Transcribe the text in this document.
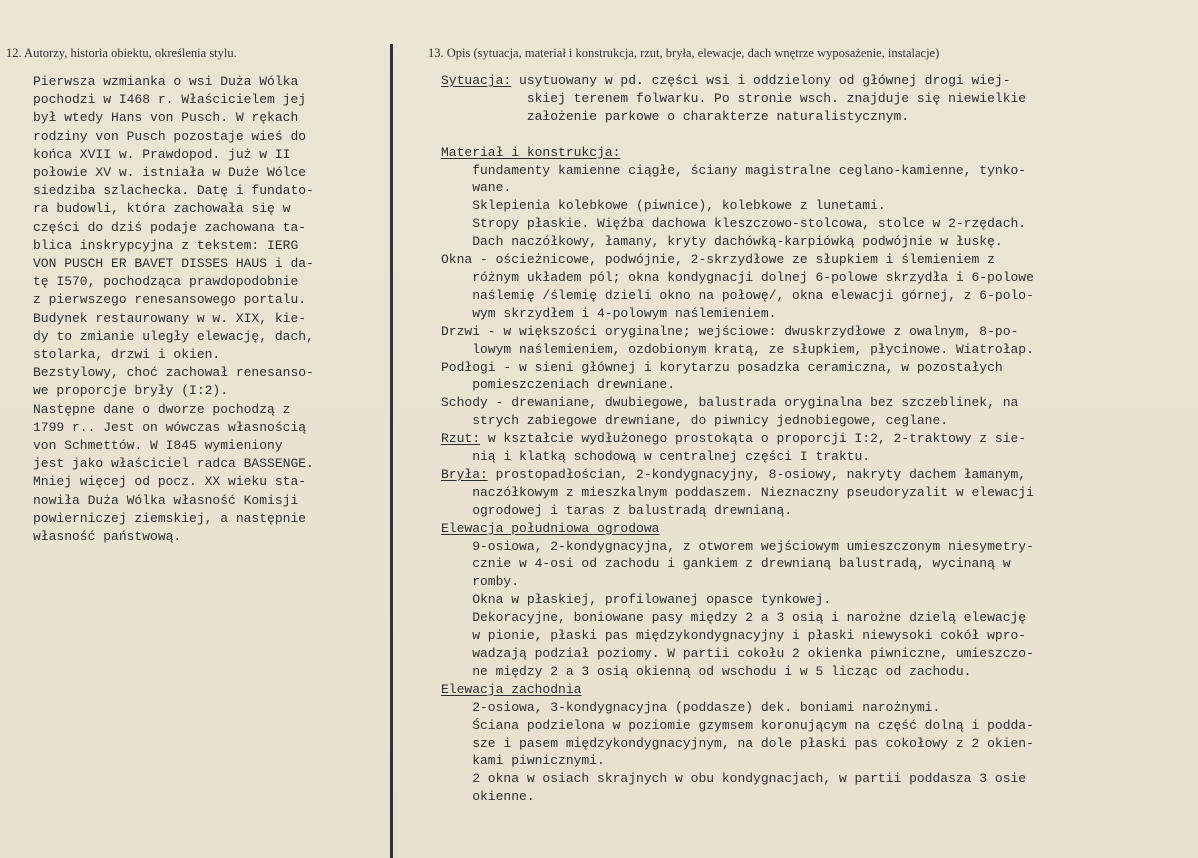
12. Autorzy, historia obiektu, określenia stylu.	13. Opis (sytuacja, materiał i konstrukcja, rzut, bryła, elewacje, dach wnętrze wyposażenie, instalacje)
Pierwsza wzmianka o wsi Duża Wólka
pochodzi w I468 r. Właścicielem jej
był wtedy Hans von Pusch. W rękach
rodziny von Pusch pozostaje wieś do
końca XVII w. Prawdopod. już w II
połowie XV w. istniała w Duże Wólce
siedziba szlachecka. Datę i fundato-
ra budowli, która zachowała się w
części do dziś podaje zachowana ta-
blica inskrypcyjna z tekstem: IERG
VON PUSCH ER BAVET DISSES HAUS i da-
tę I570, pochodząca prawdopodobnie
z pierwszego renesansowego portalu.
Budynek restaurowany w w. XIX, kie-
dy to zmianie uległy elewację, dach,
stolarka, drzwi i okien.
Bezstylowy, choć zachował renesanso-
we proporcje bryły (I:2).
Następne dane o dworze pochodzą z
1799 r.. Jest on wówczas własnością
von Schmettów. W I845 wymieniony
jest jako właściciel radca BASSENGE.
Mniej więcej od pocz. XX wieku sta-
nowiła Duża Wólka własność Komisji
powierniczej ziemskiej, a następnie
własność państwową.
Sytuacja: usytuowany w pd. części wsi i oddzielony od głównej drogi wiej-
skiej terenem folwarku. Po stronie wsch. znajduje się niewielkie
założenie parkowe o charakterze naturalistycznym.

Materiał i konstrukcja:
fundamenty kamienne ciągłe, ściany magistralne ceglano-kamienne, tynko-
wane.
Sklepienia kolebkowe (piwnice), kolebkowe z lunetami.
Stropy płaskie. Więźba dachowa kleszczowo-stolcowa, stolce w 2-rzędach.
Dach naczółkowy, łamany, kryty dachówką-karpiówką podwójnie w łuskę.
Okna - ościeżnicowe, podwójnie, 2-skrzydłowe ze słupkiem i ślemieniem z
różnym układem pól; okna kondygnacji dolnej 6-polowe skrzydła i 6-polowe
naślemię /ślemię dzieli okno na połowę/, okna elewacji górnej, z 6-polo-
wym skrzydłem i 4-polowym naślemieniem.
Drzwi - w większości oryginalne; wejściowe: dwuskrzydłowe z owalnym, 8-po-
lowym naślemieniem, ozdobionym kratą, ze słupkiem, płycinowe. Wiatrołap.
Podłogi - w sieni głównej i korytarzu posadzka ceramiczna, w pozostałych
pomieszczeniach drewniane.
Schody - drewaniane, dwubiegowe, balustrada oryginalna bez szczeblinek, na
strych zabiegowe drewniane, do piwnicy jednobiegowe, ceglane.
Rzut: w kształcie wydłużonego prostokąta o proporcji I:2, 2-traktowy z sie-
nią i klatką schodową w centralnej części I traktu.
Bryła: prostopadłościan, 2-kondygnacyjny, 8-osiowy, nakryty dachem łamanym,
naczółkowym z mieszkalnym poddaszem. Nieznaczny pseudoryzalit w elewacji
ogrodowej i taras z balustradą drewnianą.
Elewacja południowa ogrodowa
9-osiowa, 2-kondygnacyjna, z otworem wejściowym umieszczonym niesymetry-
cznie w 4-osi od zachodu i gankiem z drewnianą balustradą, wycinaną w
romby.
Okna w płaskiej, profilowanej opasce tynkowej.
Dekoracyjne, boniowane pasy między 2 a 3 osią i narożne dzielą elewację
w pionie, płaski pas międzykondygnacyjny i płaski niewysoki cokół wpro-
wadzają podział poziomy. W partii cokołu 2 okienka piwniczne, umieszczo-
ne między 2 a 3 osią okienną od wschodu i w 5 licząc od zachodu.
Elewacja zachodnia
2-osiowa, 3-kondygnacyjna (poddasze) dek. boniami narożnymi.
Ściana podzielona w poziomie gzymsem koronującym na część dolną i podda-
sze i pasem międzykondygnacyjnym, na dole płaski pas cokołowy z 2 okien-
kami piwnicznymi.
2 okna w osiach skrajnych w obu kondygnacjach, w partii poddasza 3 osie
okienne.
